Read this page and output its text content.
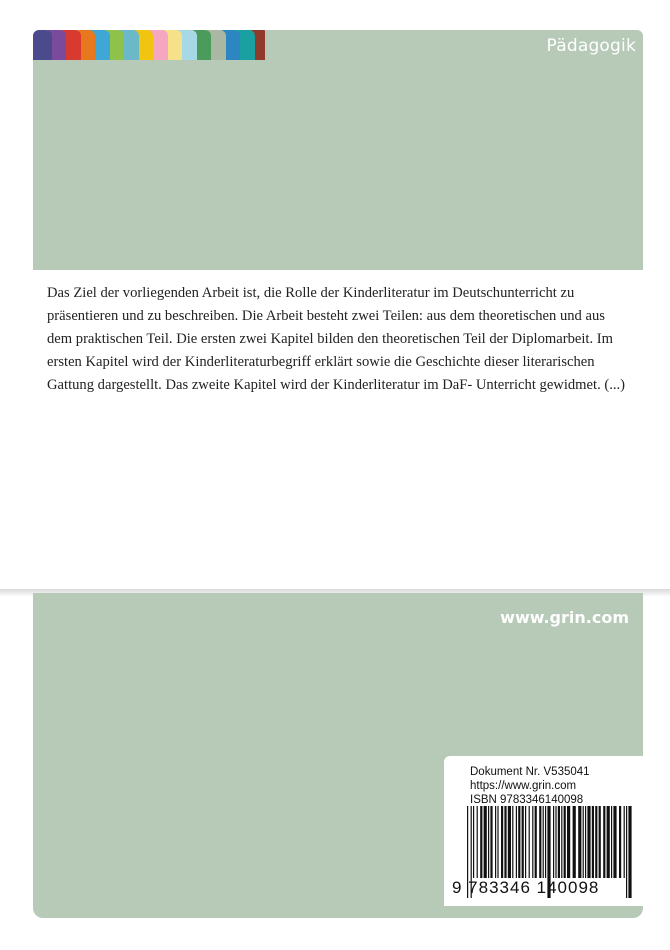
Pädagogik

Das Ziel der vorliegenden Arbeit ist, die Rolle der Kinderliteratur im Deutschunterricht zu präsentieren und zu beschreiben. Die Arbeit besteht zwei Teilen: aus dem theoretischen und aus dem praktischen Teil. Die ersten zwei Kapitel bilden den theoretischen Teil der Diplomarbeit. Im ersten Kapitel wird der Kinderliteraturbegriff erklärt sowie die Geschichte dieser literarischen Gattung dargestellt. Das zweite Kapitel wird der Kinderliteratur im DaF- Unterricht gewidmet. (...)

www.grin.com
Dokument Nr. V535041
https://www.grin.com
ISBN 9783346140098
9 783346 140098
